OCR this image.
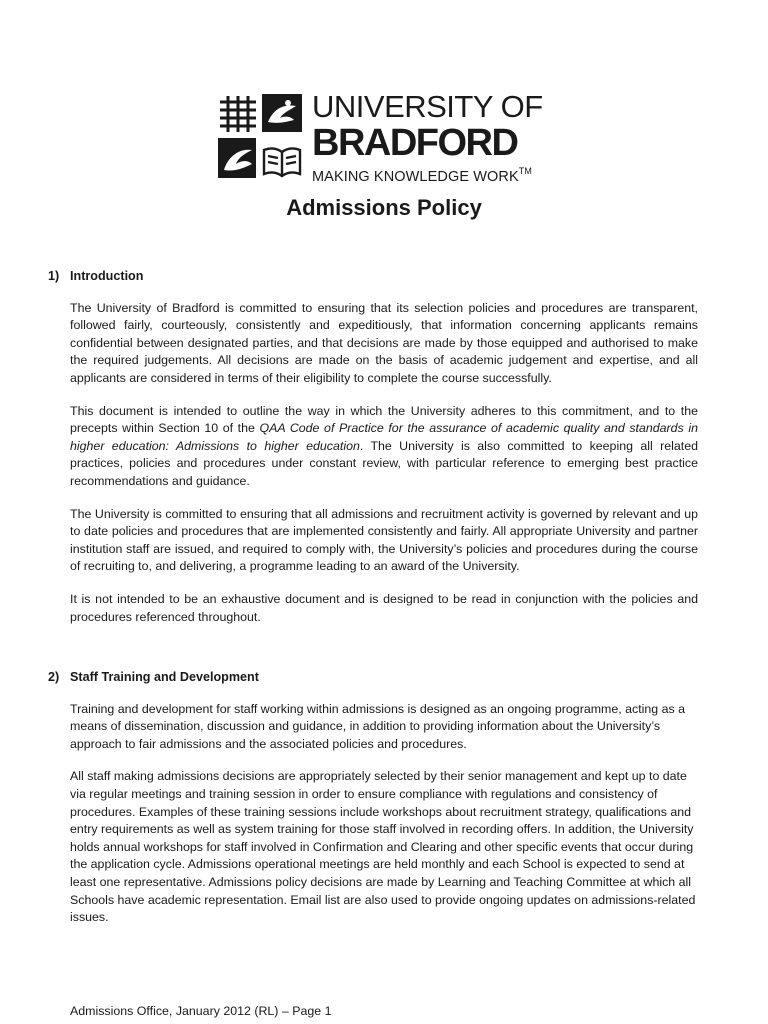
UNIVERSITY OF
BRADFORD
MAKING KNOWLEDGE WORK™
Admissions Policy
1) Introduction

The University of Bradford is committed to ensuring that its selection policies and procedures are transparent, followed fairly, courteously, consistently and expeditiously, that information concerning applicants remains confidential between designated parties, and that decisions are made by those equipped and authorised to make the required judgements. All decisions are made on the basis of academic judgement and expertise, and all applicants are considered in terms of their eligibility to complete the course successfully.

This document is intended to outline the way in which the University adheres to this commitment, and to the precepts within Section 10 of the QAA Code of Practice for the assurance of academic quality and standards in higher education: Admissions to higher education. The University is also committed to keeping all related practices, policies and procedures under constant review, with particular reference to emerging best practice recommendations and guidance.

The University is committed to ensuring that all admissions and recruitment activity is governed by relevant and up to date policies and procedures that are implemented consistently and fairly. All appropriate University and partner institution staff are issued, and required to comply with, the University’s policies and procedures during the course of recruiting to, and delivering, a programme leading to an award of the University.

It is not intended to be an exhaustive document and is designed to be read in conjunction with the policies and procedures referenced throughout.

2) Staff Training and Development

Training and development for staff working within admissions is designed as an ongoing programme, acting as a means of dissemination, discussion and guidance, in addition to providing information about the University’s approach to fair admissions and the associated policies and procedures.

All staff making admissions decisions are appropriately selected by their senior management and kept up to date via regular meetings and training session in order to ensure compliance with regulations and consistency of procedures. Examples of these training sessions include workshops about recruitment strategy, qualifications and entry requirements as well as system training for those staff involved in recording offers. In addition, the University holds annual workshops for staff involved in Confirmation and Clearing and other specific events that occur during the application cycle. Admissions operational meetings are held monthly and each School is expected to send at least one representative. Admissions policy decisions are made by Learning and Teaching Committee at which all Schools have academic representation. Email list are also used to provide ongoing updates on admissions-related issues.

Admissions Office, January 2012 (RL) – Page 1
